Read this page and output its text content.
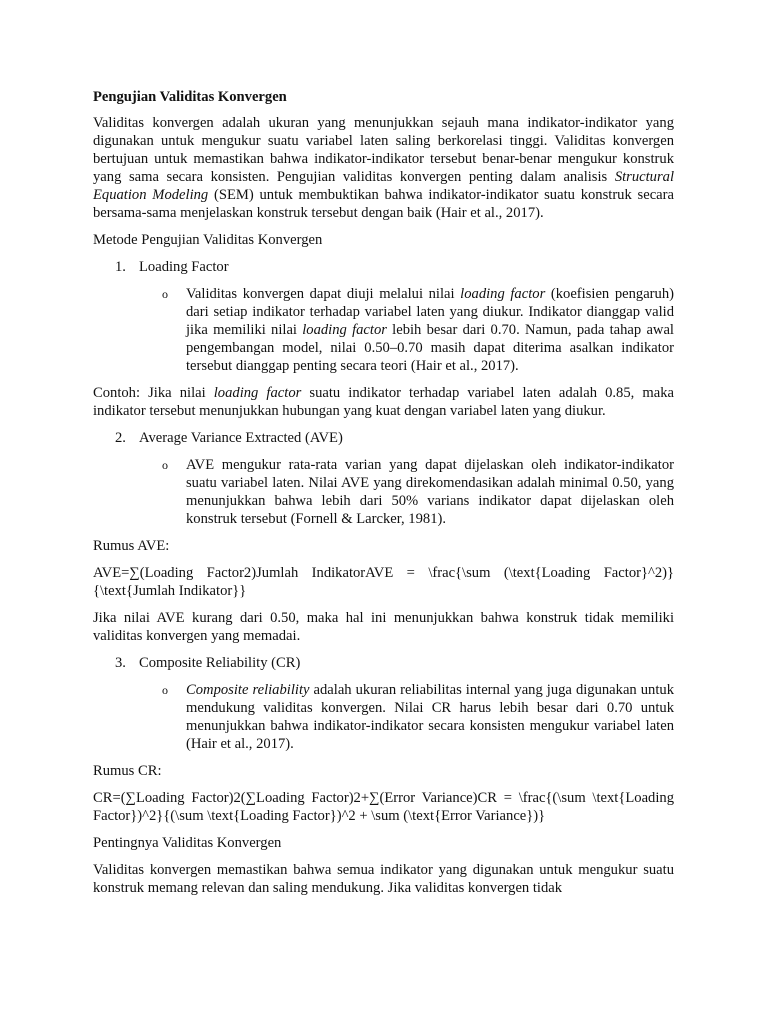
Pengujian Validitas Konvergen

Validitas konvergen adalah ukuran yang menunjukkan sejauh mana indikator-indikator yang digunakan untuk mengukur suatu variabel laten saling berkorelasi tinggi. Validitas konvergen bertujuan untuk memastikan bahwa indikator-indikator tersebut benar-benar mengukur konstruk yang sama secara konsisten. Pengujian validitas konvergen penting dalam analisis Structural Equation Modeling (SEM) untuk membuktikan bahwa indikator-indikator suatu konstruk secara bersama-sama menjelaskan konstruk tersebut dengan baik (Hair et al., 2017).

Metode Pengujian Validitas Konvergen

1. Loading Factor
o Validitas konvergen dapat diuji melalui nilai loading factor (koefisien pengaruh) dari setiap indikator terhadap variabel laten yang diukur. Indikator dianggap valid jika memiliki nilai loading factor lebih besar dari 0.70. Namun, pada tahap awal pengembangan model, nilai 0.50–0.70 masih dapat diterima asalkan indikator tersebut dianggap penting secara teori (Hair et al., 2017).

Contoh: Jika nilai loading factor suatu indikator terhadap variabel laten adalah 0.85, maka indikator tersebut menunjukkan hubungan yang kuat dengan variabel laten yang diukur.

2. Average Variance Extracted (AVE)
o AVE mengukur rata-rata varian yang dapat dijelaskan oleh indikator-indikator suatu variabel laten. Nilai AVE yang direkomendasikan adalah minimal 0.50, yang menunjukkan bahwa lebih dari 50% varians indikator dapat dijelaskan oleh konstruk tersebut (Fornell & Larcker, 1981).

Rumus AVE:

AVE=∑(Loading Factor2)Jumlah IndikatorAVE = \frac{\sum (\text{Loading Factor}^2)}{\text{Jumlah Indikator}}

Jika nilai AVE kurang dari 0.50, maka hal ini menunjukkan bahwa konstruk tidak memiliki validitas konvergen yang memadai.

3. Composite Reliability (CR)
o Composite reliability adalah ukuran reliabilitas internal yang juga digunakan untuk mendukung validitas konvergen. Nilai CR harus lebih besar dari 0.70 untuk menunjukkan bahwa indikator-indikator secara konsisten mengukur variabel laten (Hair et al., 2017).

Rumus CR:

CR=(∑Loading Factor)2(∑Loading Factor)2+∑(Error Variance)CR = \frac{(\sum \text{Loading Factor})^2}{(\sum \text{Loading Factor})^2 + \sum (\text{Error Variance})}

Pentingnya Validitas Konvergen

Validitas konvergen memastikan bahwa semua indikator yang digunakan untuk mengukur suatu konstruk memang relevan dan saling mendukung. Jika validitas konvergen tidak
